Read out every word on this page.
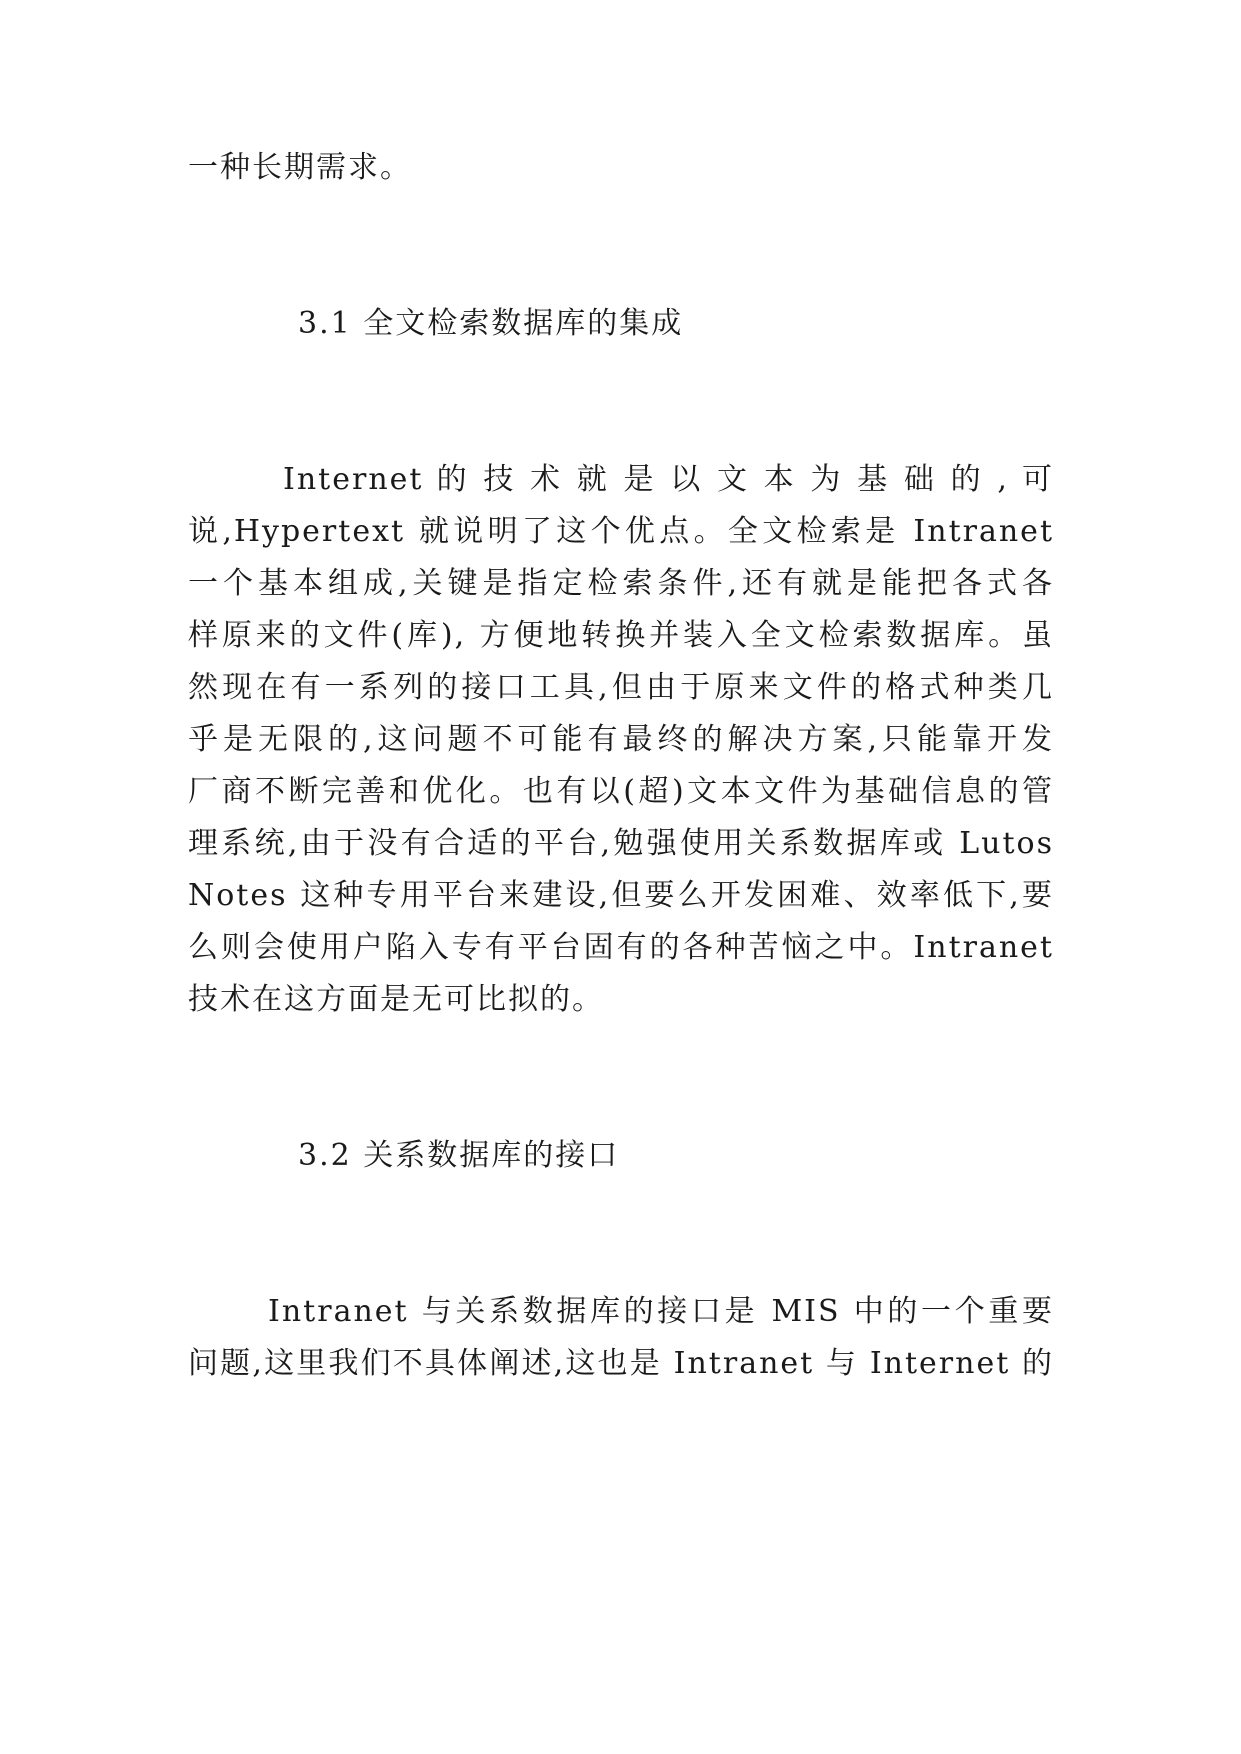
一种长期需求。
3.1 全文检索数据库的集成
Internet 的 技 术 就 是 以 文 本 为 基 础 的 , 可
说,Hypertext 就说明了这个优点。全文检索是 Intranet
一个基本组成,关键是指定检索条件,还有就是能把各式各
样原来的文件(库), 方便地转换并装入全文检索数据库。虽
然现在有一系列的接口工具,但由于原来文件的格式种类几
乎是无限的,这问题不可能有最终的解决方案,只能靠开发
厂商不断完善和优化。也有以(超)文本文件为基础信息的管
理系统,由于没有合适的平台,勉强使用关系数据库或 Lutos
Notes 这种专用平台来建设,但要么开发困难、效率低下,要
么则会使用户陷入专有平台固有的各种苦恼之中。Intranet
技术在这方面是无可比拟的。
3.2 关系数据库的接口
Intranet 与关系数据库的接口是 MIS 中的一个重要
问题,这里我们不具体阐述,这也是 Intranet 与 Internet 的
